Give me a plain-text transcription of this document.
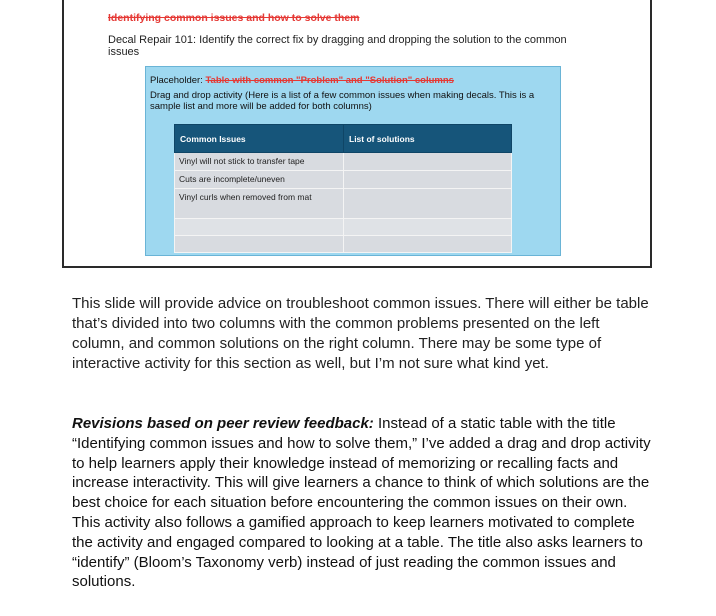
Identifying common issues and how to solve them
Decal Repair 101: Identify the correct fix by dragging and dropping the solution to the common issues
Placeholder: Table with common "Problem" and "Solution" columns
Drag and drop activity (Here is a list of a few common issues when making decals. This is a sample list and more will be added for both columns)
Common Issues	List of solutions
Vinyl will not stick to transfer tape	
Cuts are incomplete/uneven	
Vinyl curls when removed from mat	

This slide will provide advice on troubleshoot common issues. There will either be table that’s divided into two columns with the common problems presented on the left column, and common solutions on the right column. There may be some type of interactive activity for this section as well, but I’m not sure what kind yet.
Revisions based on peer review feedback: Instead of a static table with the title “Identifying common issues and how to solve them,” I’ve added a drag and drop activity to help learners apply their knowledge instead of memorizing or recalling facts and increase interactivity. This will give learners a chance to think of which solutions are the best choice for each situation before encountering the common issues on their own. This activity also follows a gamified approach to keep learners motivated to complete the activity and engaged compared to looking at a table. The title also asks learners to “identify” (Bloom’s Taxonomy verb) instead of just reading the common issues and solutions.
